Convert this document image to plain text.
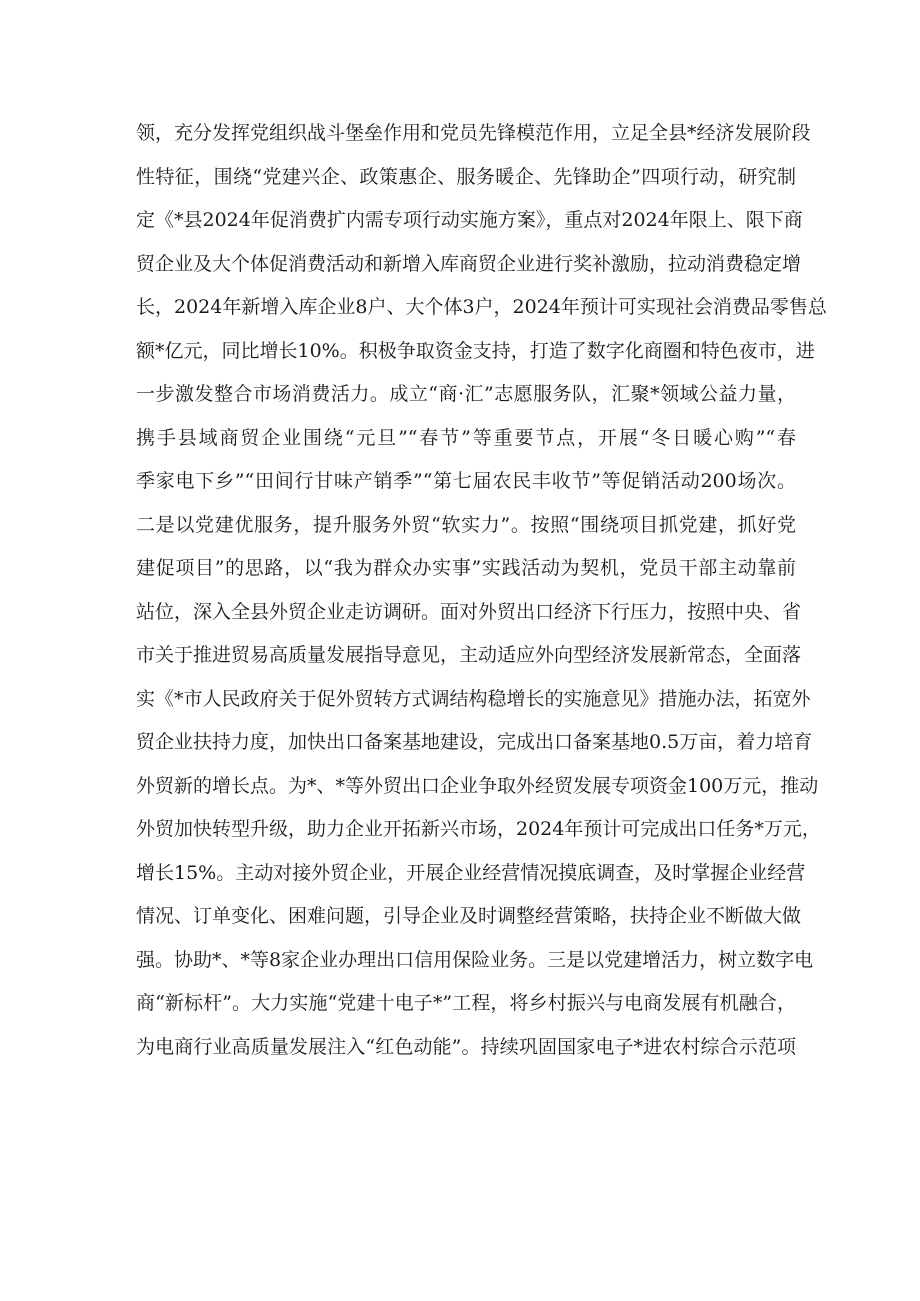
领，充分发挥党组织战斗堡垒作用和党员先锋模范作用，立足全县*经济发展阶段
性特征，围绕“党建兴企、政策惠企、服务暖企、先锋助企”四项行动，研究制
定《*县2024年促消费扩内需专项行动实施方案》，重点对2024年限上、限下商
贸企业及大个体促消费活动和新增入库商贸企业进行奖补激励，拉动消费稳定增
长，2024年新增入库企业8户、大个体3户，2024年预计可实现社会消费品零售总
额*亿元，同比增长10%。积极争取资金支持，打造了数字化商圈和特色夜市，进
一步激发整合市场消费活力。成立“商·汇”志愿服务队，汇聚*领域公益力量，
携手县域商贸企业围绕“元旦”“春节”等重要节点，开展“冬日暖心购”“春
季家电下乡”“田间行甘味产销季”“第七届农民丰收节”等促销活动200场次。
二是以党建优服务，提升服务外贸“软实力”。按照“围绕项目抓党建，抓好党
建促项目”的思路，以“我为群众办实事”实践活动为契机，党员干部主动靠前
站位，深入全县外贸企业走访调研。面对外贸出口经济下行压力，按照中央、省
市关于推进贸易高质量发展指导意见，主动适应外向型经济发展新常态，全面落
实《*市人民政府关于促外贸转方式调结构稳增长的实施意见》措施办法，拓宽外
贸企业扶持力度，加快出口备案基地建设，完成出口备案基地0.5万亩，着力培育
外贸新的增长点。为*、*等外贸出口企业争取外经贸发展专项资金100万元，推动
外贸加快转型升级，助力企业开拓新兴市场，2024年预计可完成出口任务*万元，
增长15%。主动对接外贸企业，开展企业经营情况摸底调查，及时掌握企业经营
情况、订单变化、困难问题，引导企业及时调整经营策略，扶持企业不断做大做
强。协助*、*等8家企业办理出口信用保险业务。三是以党建增活力，树立数字电
商“新标杆”。大力实施“党建十电子*”工程，将乡村振兴与电商发展有机融合，
为电商行业高质量发展注入“红色动能”。持续巩固国家电子*进农村综合示范项
